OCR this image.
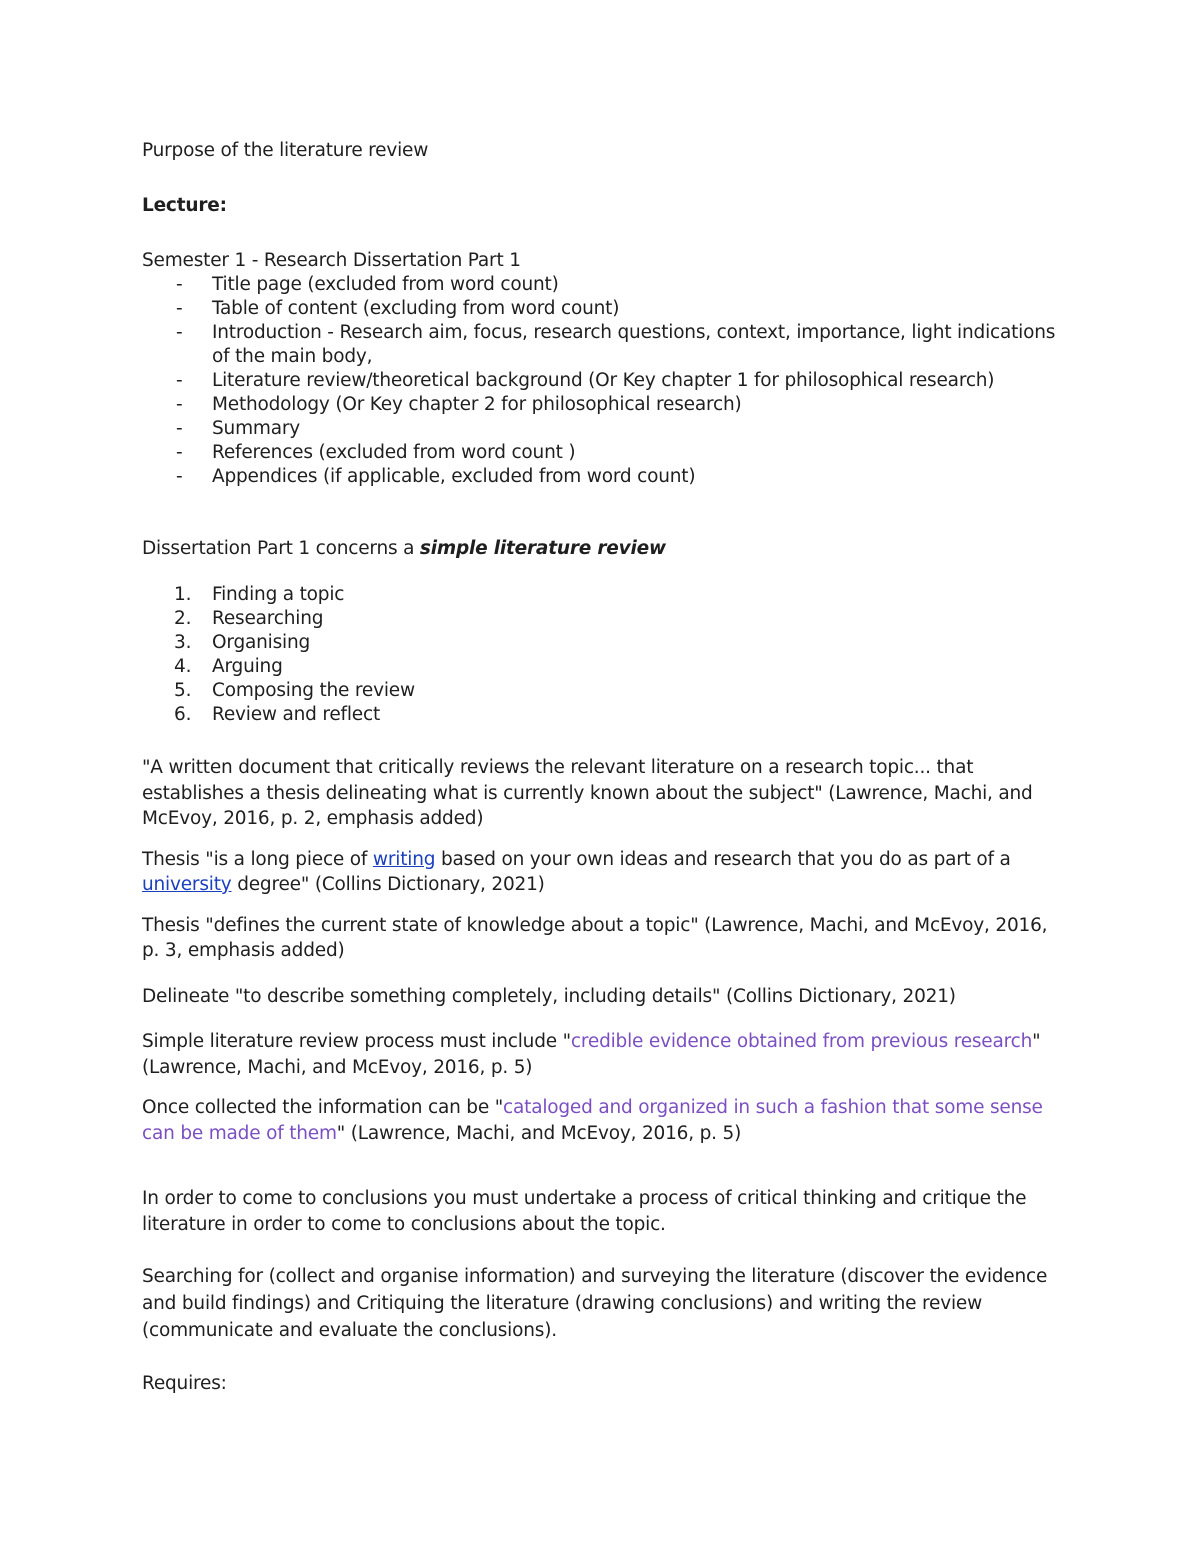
Purpose of the literature review
Lecture:
Semester 1 - Research Dissertation Part 1
- Title page (excluded from word count)
- Table of content (excluding from word count)
- Introduction - Research aim, focus, research questions, context, importance, light indications of the main body,
- Literature review/theoretical background (Or Key chapter 1 for philosophical research)
- Methodology (Or Key chapter 2 for philosophical research)
- Summary
- References (excluded from word count )
- Appendices (if applicable, excluded from word count)
Dissertation Part 1 concerns a simple literature review
1. Finding a topic
2. Researching
3. Organising
4. Arguing
5. Composing the review
6. Review and reflect

"A written document that critically reviews the relevant literature on a research topic... that establishes a thesis delineating what is currently known about the subject" (Lawrence, Machi, and McEvoy, 2016, p. 2, emphasis added)

Thesis "is a long piece of writing based on your own ideas and research that you do as part of a university degree" (Collins Dictionary, 2021)

Thesis "defines the current state of knowledge about a topic" (Lawrence, Machi, and McEvoy, 2016, p. 3, emphasis added)

Delineate "to describe something completely, including details" (Collins Dictionary, 2021)

Simple literature review process must include "credible evidence obtained from previous research" (Lawrence, Machi, and McEvoy, 2016, p. 5)

Once collected the information can be "cataloged and organized in such a fashion that some sense can be made of them" (Lawrence, Machi, and McEvoy, 2016, p. 5)

In order to come to conclusions you must undertake a process of critical thinking and critique the literature in order to come to conclusions about the topic.

Searching for (collect and organise information) and surveying the literature (discover the evidence and build findings) and Critiquing the literature (drawing conclusions) and writing the review (communicate and evaluate the conclusions).

Requires:
